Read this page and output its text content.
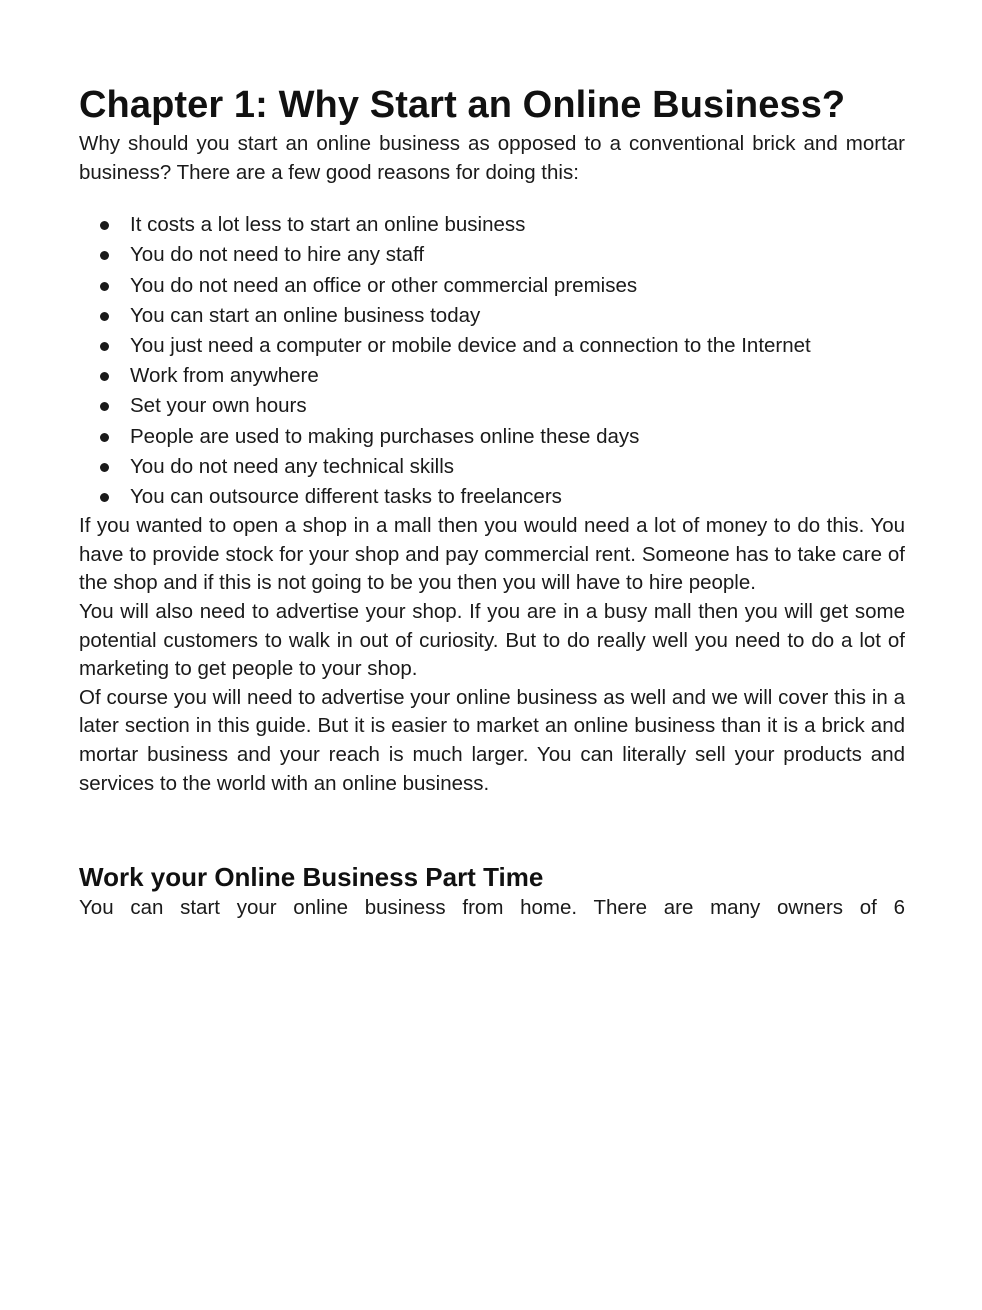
Chapter 1: Why Start an Online Business?

Why should you start an online business as opposed to a conventional brick and mortar business? There are a few good reasons for doing this:

It costs a lot less to start an online business
You do not need to hire any staff
You do not need an office or other commercial premises
You can start an online business today
You just need a computer or mobile device and a connection to the Internet
Work from anywhere
Set your own hours
People are used to making purchases online these days
You do not need any technical skills
You can outsource different tasks to freelancers

If you wanted to open a shop in a mall then you would need a lot of money to do this. You have to provide stock for your shop and pay commercial rent. Someone has to take care of the shop and if this is not going to be you then you will have to hire people.

You will also need to advertise your shop. If you are in a busy mall then you will get some potential customers to walk in out of curiosity. But to do really well you need to do a lot of marketing to get people to your shop.

Of course you will need to advertise your online business as well and we will cover this in a later section in this guide. But it is easier to market an online business than it is a brick and mortar business and your reach is much larger. You can literally sell your products and services to the world with an online business.

Work your Online Business Part Time

You can start your online business from home. There are many owners of 6
